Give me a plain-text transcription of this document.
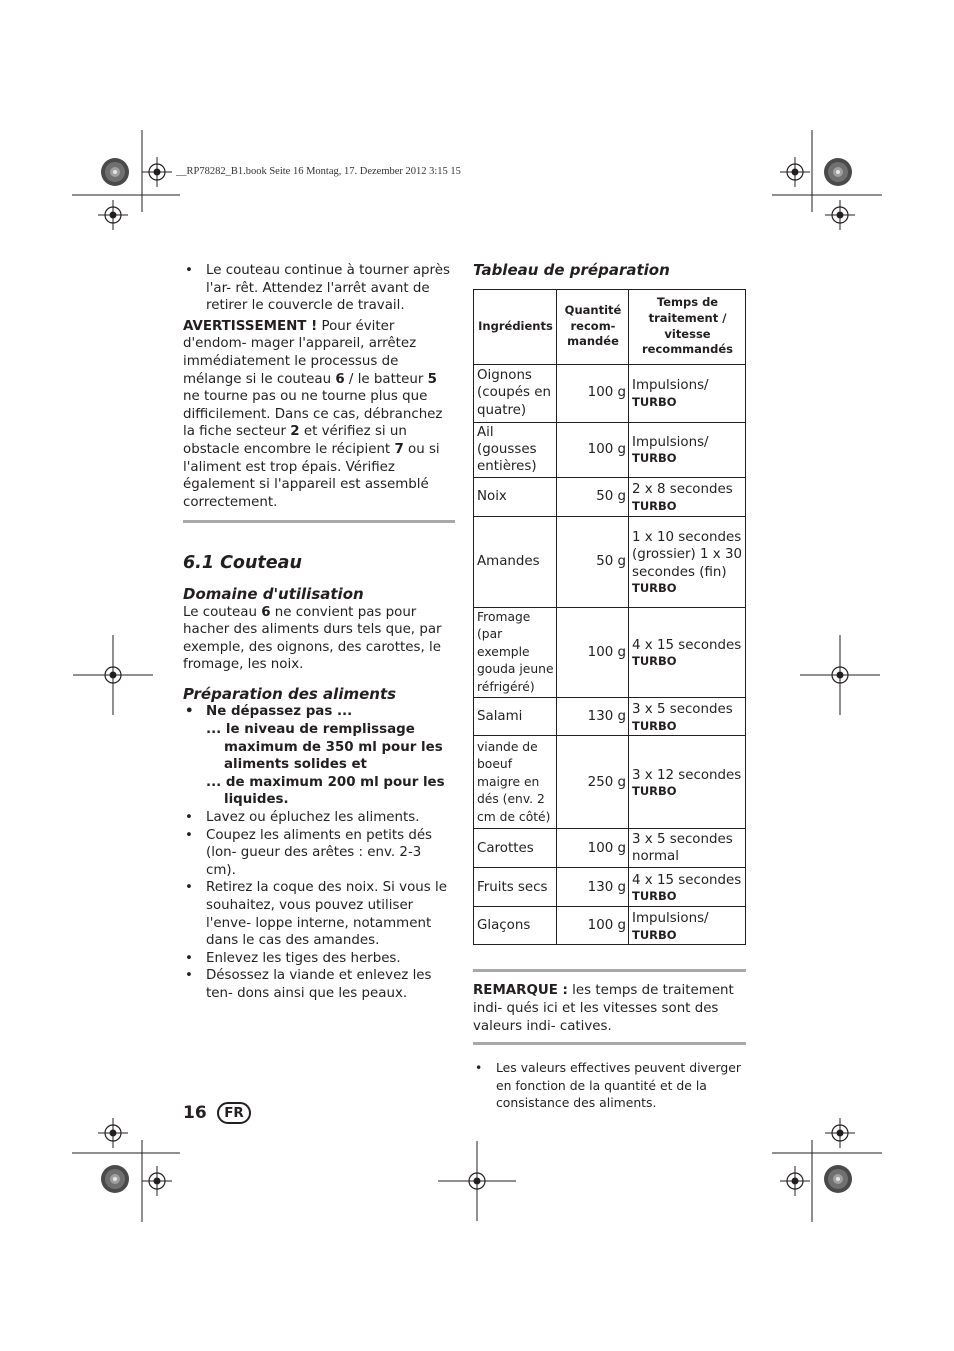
__RP78282_B1.book Seite 16 Montag, 17. Dezember 2012 3:15 15
• Le couteau continue à tourner après l'ar- rêt. Attendez l'arrêt avant de retirer le couvercle de travail.

AVERTISSEMENT ! Pour éviter d'endom- mager l'appareil, arrêtez immédiatement le processus de mélange si le couteau 6 / le batteur 5 ne tourne pas ou ne tourne plus que difficilement. Dans ce cas, débranchez la fiche secteur 2 et vérifiez si un obstacle encombre le récipient 7 ou si l'aliment est trop épais. Vérifiez également si l'appareil est assemblé correctement.

6.1 Couteau
Domaine d'utilisation

Le couteau 6 ne convient pas pour hacher des aliments durs tels que, par exemple, des oignons, des carottes, le fromage, les noix.

Préparation des aliments
• Ne dépassez pas ...
... le niveau de remplissage maximum de 350 ml pour les aliments solides et
... de maximum 200 ml pour les liquides.
• Lavez ou épluchez les aliments.
• Coupez les aliments en petits dés (lon- gueur des arêtes : env. 2-3 cm).
• Retirez la coque des noix. Si vous le souhaitez, vous pouvez utiliser l'enve- loppe interne, notamment dans le cas des amandes.
• Enlevez les tiges des herbes.
• Désossez la viande et enlevez les ten- dons ainsi que les peaux.
Tableau de préparation
Ingrédients	Quantité recom- mandée	Temps de traitement / vitesse recommandés
Oignons (coupés en quatre)	100 g	Impulsions/
TURBO

Ail (gousses entières)	100 g	Impulsions/
TURBO

Noix	50 g	2 x 8 secondes
TURBO

Amandes	50 g	1 x 10 secondes (grossier) 1 x 30 secondes (fin)
TURBO

Fromage (par exemple gouda jeune réfrigéré)	100 g	4 x 15 secondes
TURBO

Salami	130 g	3 x 5 secondes
TURBO

viande de boeuf maigre en dés (env. 2 cm de côté)	250 g	3 x 12 secondes
TURBO

Carottes	100 g	3 x 5 secondes
normal

Fruits secs	130 g	4 x 15 secondes
TURBO

Glaçons	100 g	Impulsions/
TURBO

REMARQUE : les temps de traitement indi- qués ici et les vitesses sont des valeurs indi- catives.

• Les valeurs effectives peuvent diverger en fonction de la quantité et de la consistance des aliments.
16	FR
